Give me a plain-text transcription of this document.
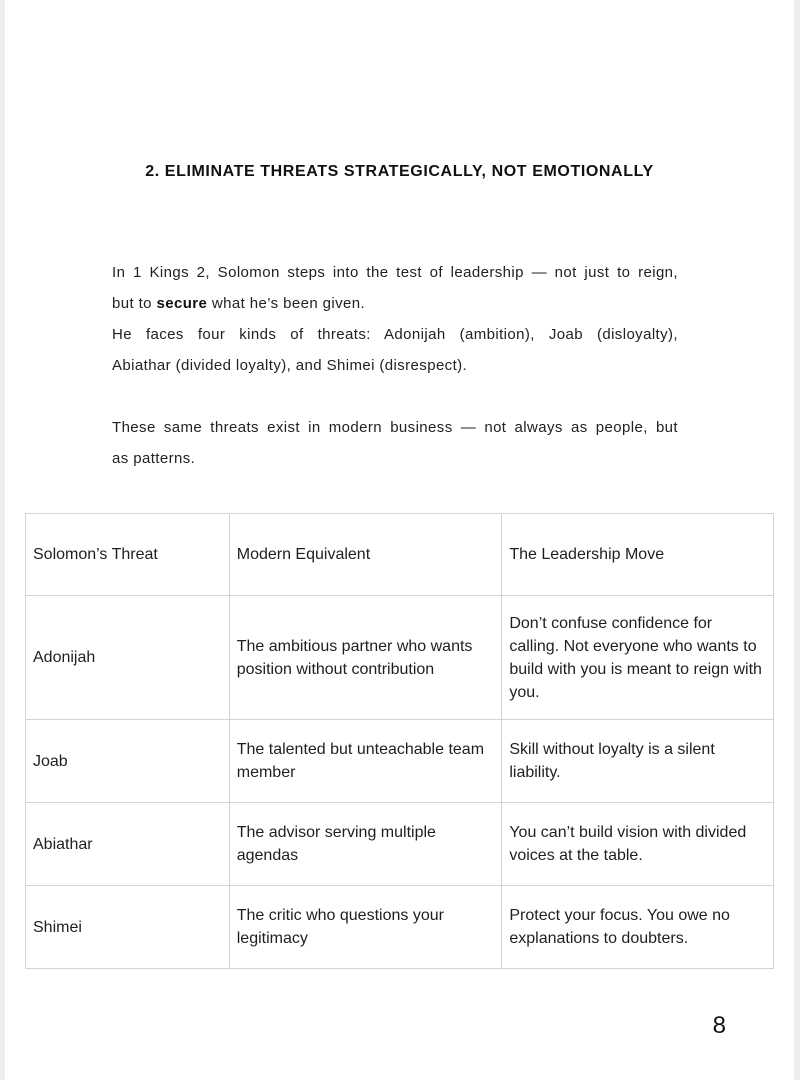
2. ELIMINATE THREATS STRATEGICALLY, NOT EMOTIONALLY

In 1 Kings 2, Solomon steps into the test of leadership — not just to reign,

but to secure what he’s been given.

He faces four kinds of threats: Adonijah (ambition), Joab (disloyalty),

Abiathar (divided loyalty), and Shimei (disrespect).

These same threats exist in modern business — not always as people, but

as patterns.

Solomon’s Threat	Modern Equivalent	The Leadership Move
Adonijah	The ambitious partner who wants position without contribution	Don’t confuse confidence for calling. Not everyone who wants to build with you is meant to reign with you.
Joab	The talented but unteachable team member	Skill without loyalty is a silent liability.
Abiathar	The advisor serving multiple agendas	You can’t build vision with divided voices at the table.
Shimei	The critic who questions your legitimacy	Protect your focus. You owe no explanations to doubters.
8
